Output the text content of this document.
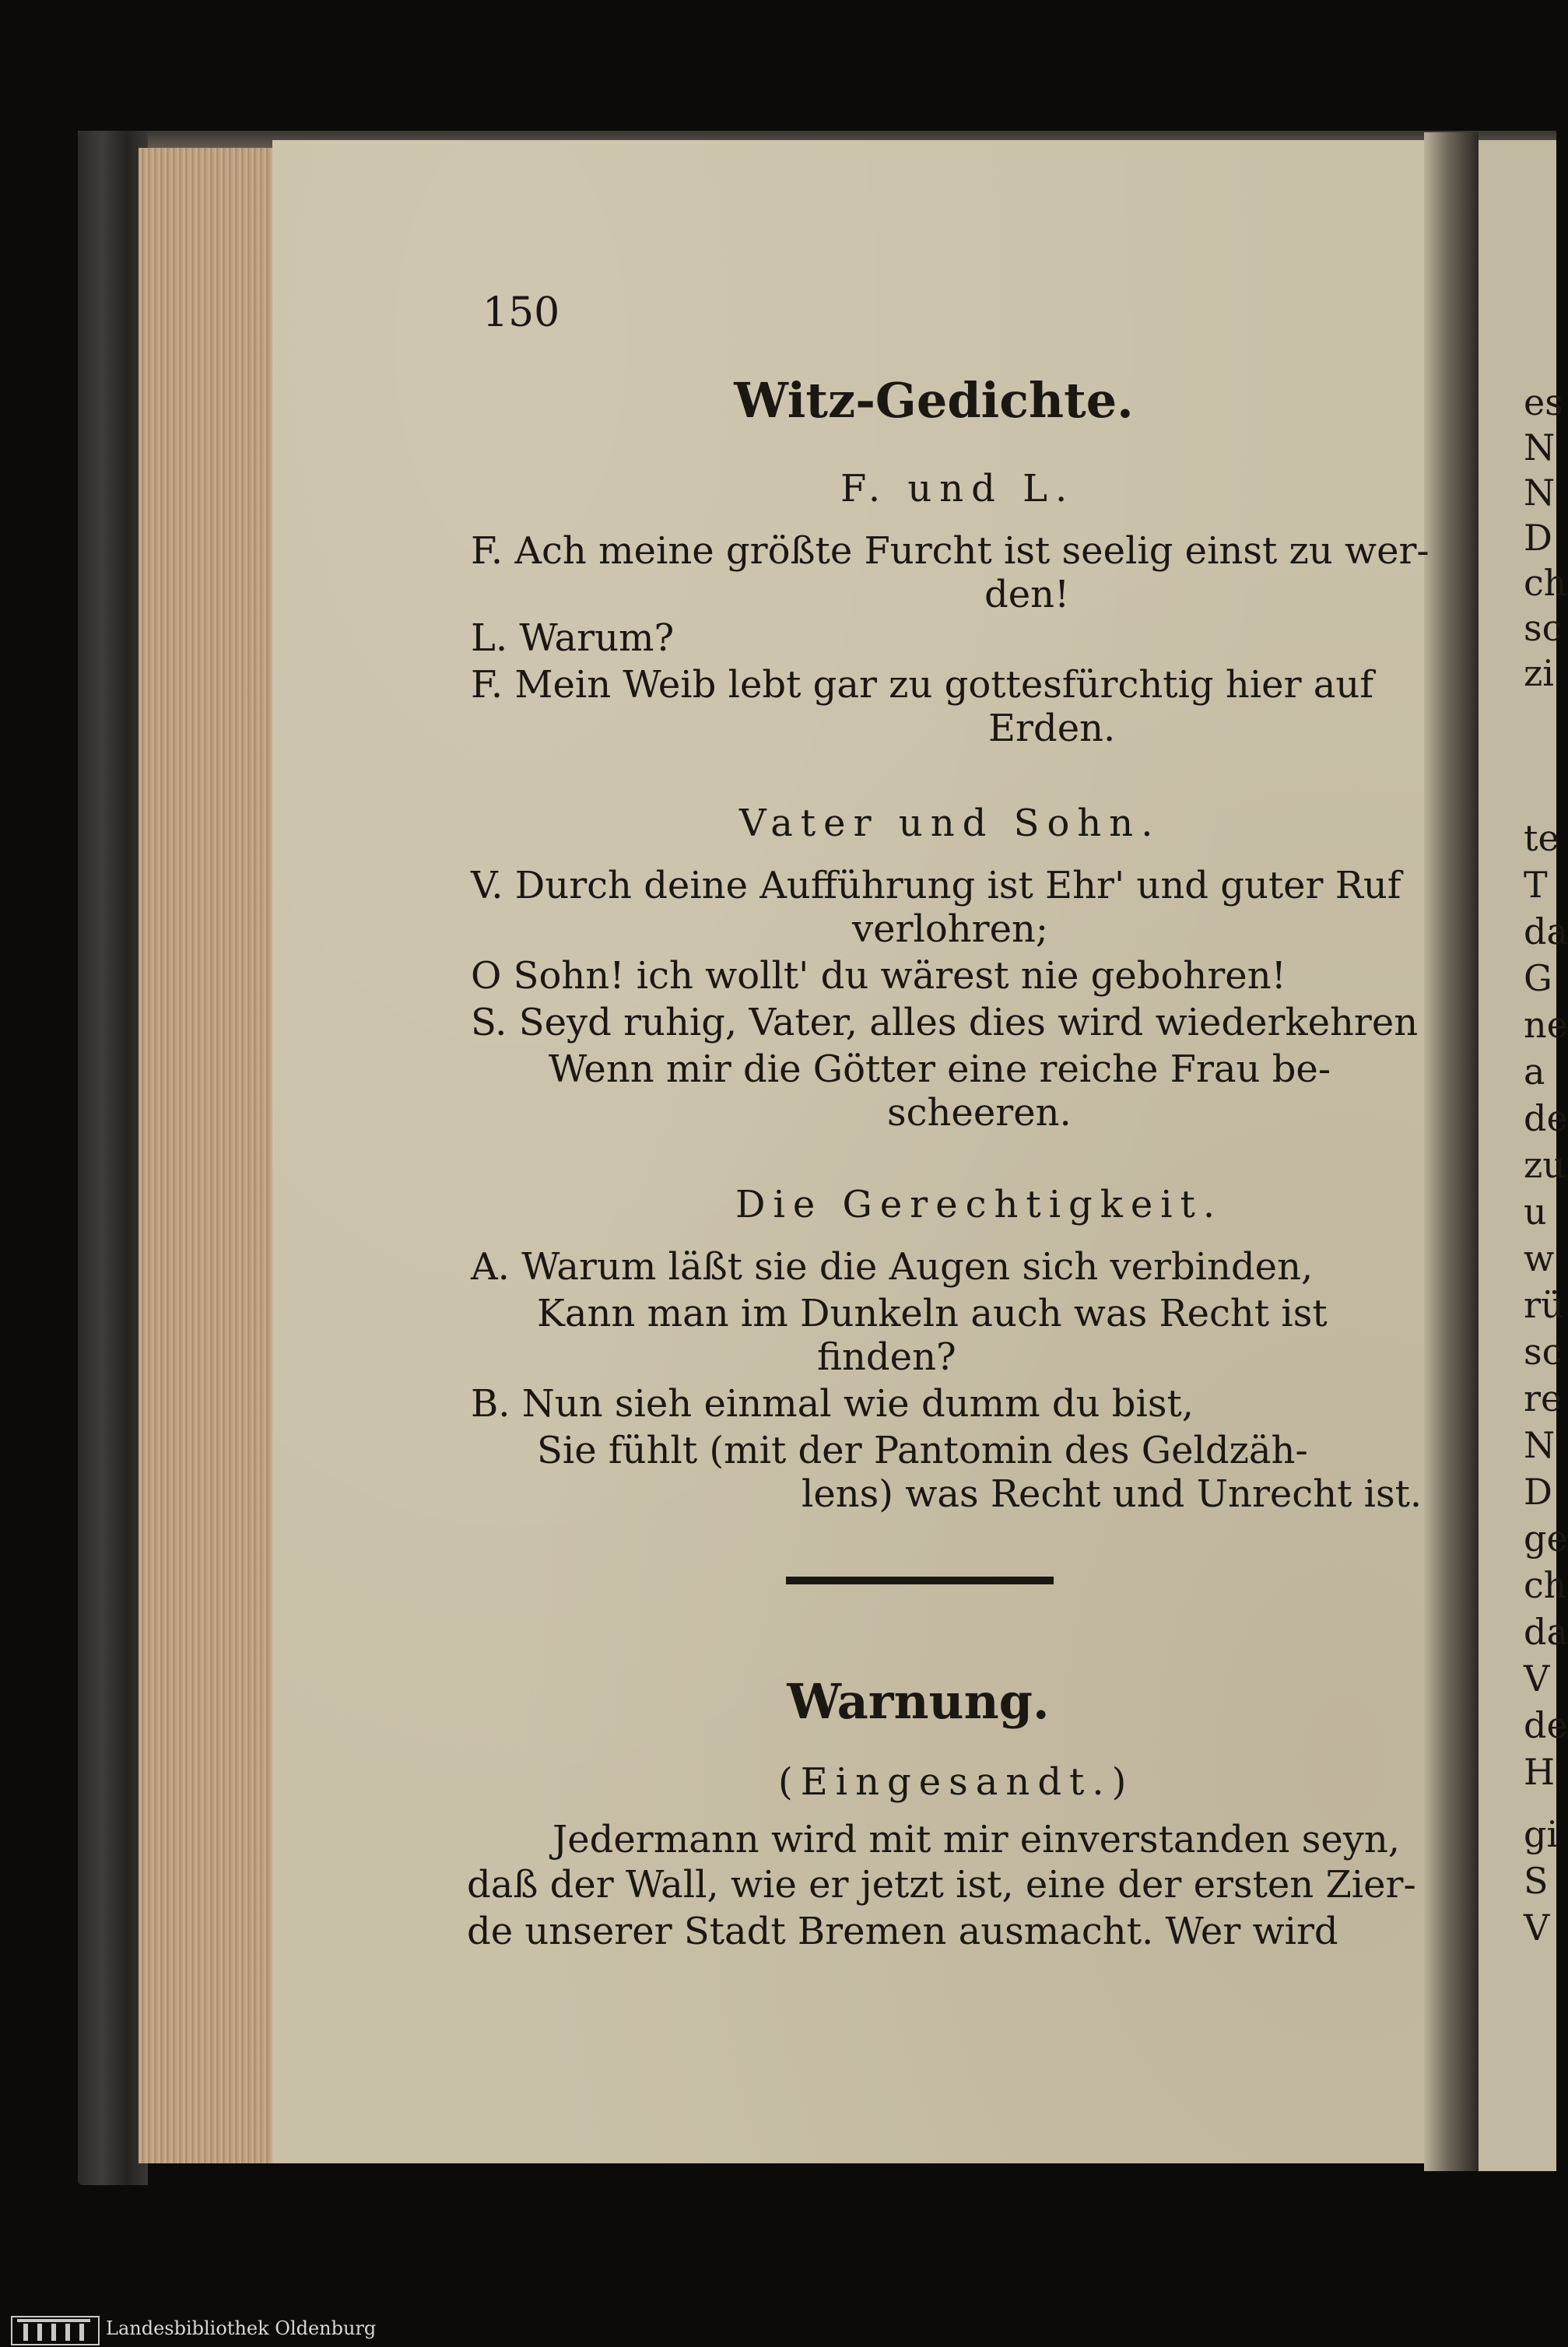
150
Witz-Gedichte.
F. und L.
F. Ach meine größte Furcht ist seelig einst zu wer-
den!
L. Warum?
F. Mein Weib lebt gar zu gottesfürchtig hier auf
Erden.
Vater und Sohn.
V. Durch deine Aufführung ist Ehr' und guter Ruf
verlohren;
O Sohn! ich wollt' du wärest nie gebohren!
S. Seyd ruhig, Vater, alles dies wird wiederkehren
Wenn mir die Götter eine reiche Frau be-
scheeren.
Die Gerechtigkeit.
A. Warum läßt sie die Augen sich verbinden,
Kann man im Dunkeln auch was Recht ist
finden?
B. Nun sieh einmal wie dumm du bist,
Sie fühlt (mit der Pantomin des Geldzäh-
lens) was Recht und Unrecht ist.
Warnung.
(Eingesandt.)
Jedermann wird mit mir einverstanden seyn,
daß der Wall, wie er jetzt ist, eine der ersten Zier-
de unserer Stadt Bremen ausmacht. Wer wird
es
N
N
D
ch
sc
zi
te
T
da
G
ne
a
de
zu
u
w
rü
sc
re
N
D
ge
ch
da
V
de
H
gi
S
V
Landesbibliothek Oldenburg
